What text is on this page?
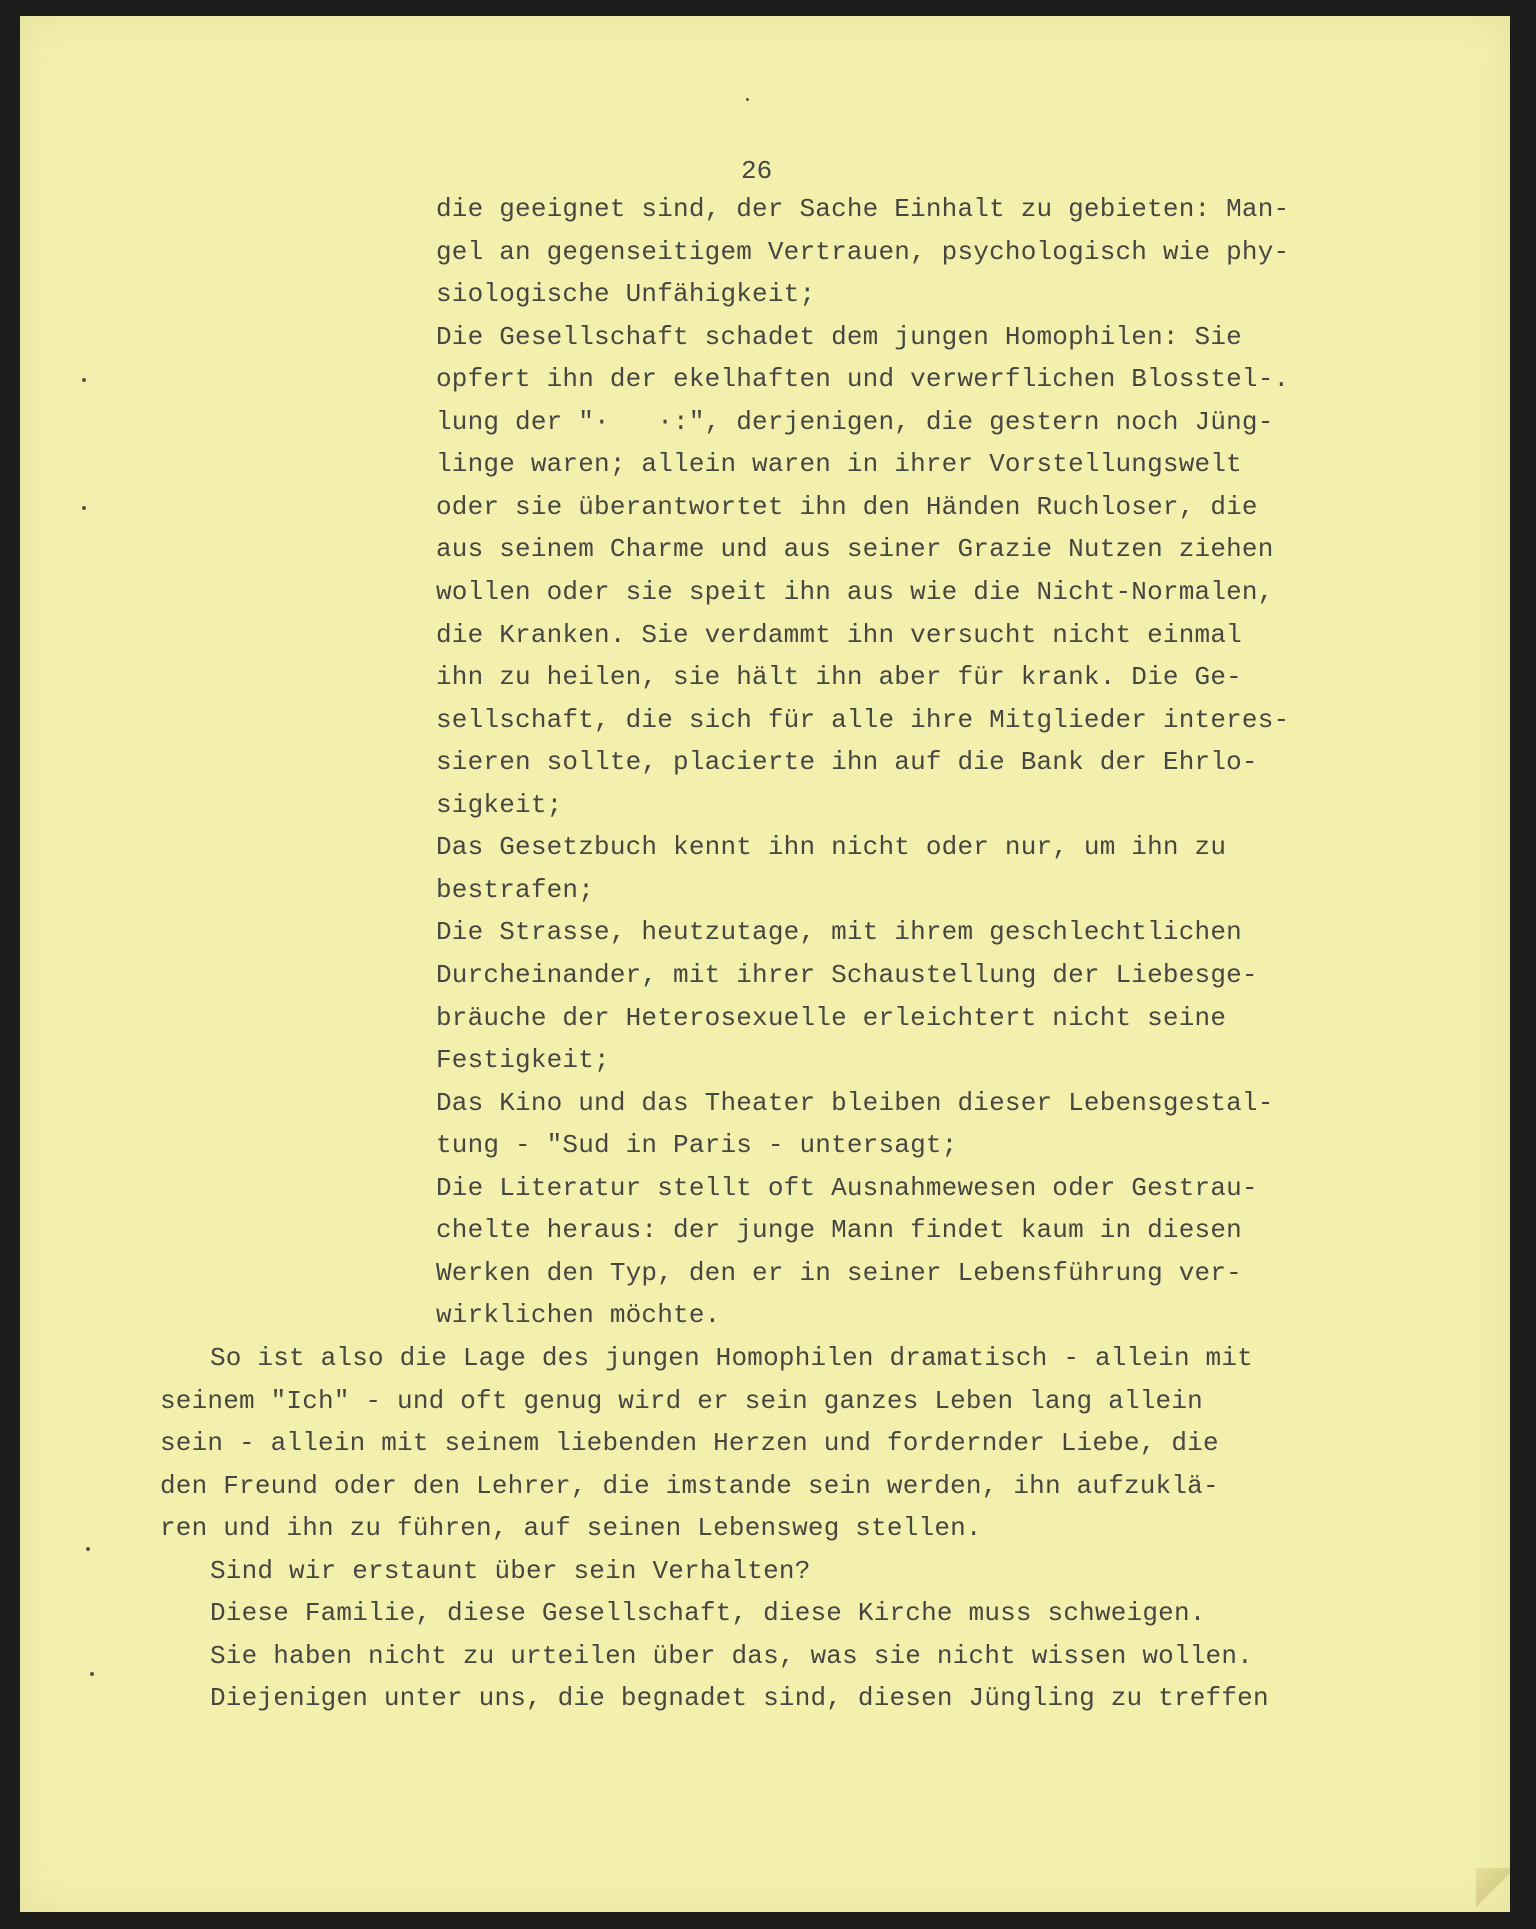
26
die geeignet sind, der Sache Einhalt zu gebieten: Man-
gel an gegenseitigem Vertrauen, psychologisch wie phy-
siologische Unfähigkeit;
Die Gesellschaft schadet dem jungen Homophilen: Sie
opfert ihn der ekelhaften und verwerflichen Blosstel-.
lung der "·   ·:", derjenigen, die gestern noch Jüng-
linge waren; allein waren in ihrer Vorstellungswelt
oder sie überantwortet ihn den Händen Ruchloser, die
aus seinem Charme und aus seiner Grazie Nutzen ziehen
wollen oder sie speit ihn aus wie die Nicht-Normalen,
die Kranken. Sie verdammt ihn versucht nicht einmal
ihn zu heilen, sie hält ihn aber für krank. Die Ge-
sellschaft, die sich für alle ihre Mitglieder interes-
sieren sollte, placierte ihn auf die Bank der Ehrlo-
sigkeit;
Das Gesetzbuch kennt ihn nicht oder nur, um ihn zu
bestrafen;
Die Strasse, heutzutage, mit ihrem geschlechtlichen
Durcheinander, mit ihrer Schaustellung der Liebesge-
bräuche der Heterosexuelle erleichtert nicht seine
Festigkeit;
Das Kino und das Theater bleiben dieser Lebensgestal-
tung - "Sud in Paris - untersagt;
Die Literatur stellt oft Ausnahmewesen oder Gestrau-
chelte heraus: der junge Mann findet kaum in diesen
Werken den Typ, den er in seiner Lebensführung ver-
wirklichen möchte.
So ist also die Lage des jungen Homophilen dramatisch - allein mit
seinem "Ich" - und oft genug wird er sein ganzes Leben lang allein
sein - allein mit seinem liebenden Herzen und fordernder Liebe, die
den Freund oder den Lehrer, die imstande sein werden, ihn aufzuklä-
ren und ihn zu führen, auf seinen Lebensweg stellen.
Sind wir erstaunt über sein Verhalten?
Diese Familie, diese Gesellschaft, diese Kirche muss schweigen.
Sie haben nicht zu urteilen über das, was sie nicht wissen wollen.
Diejenigen unter uns, die begnadet sind, diesen Jüngling zu treffen
